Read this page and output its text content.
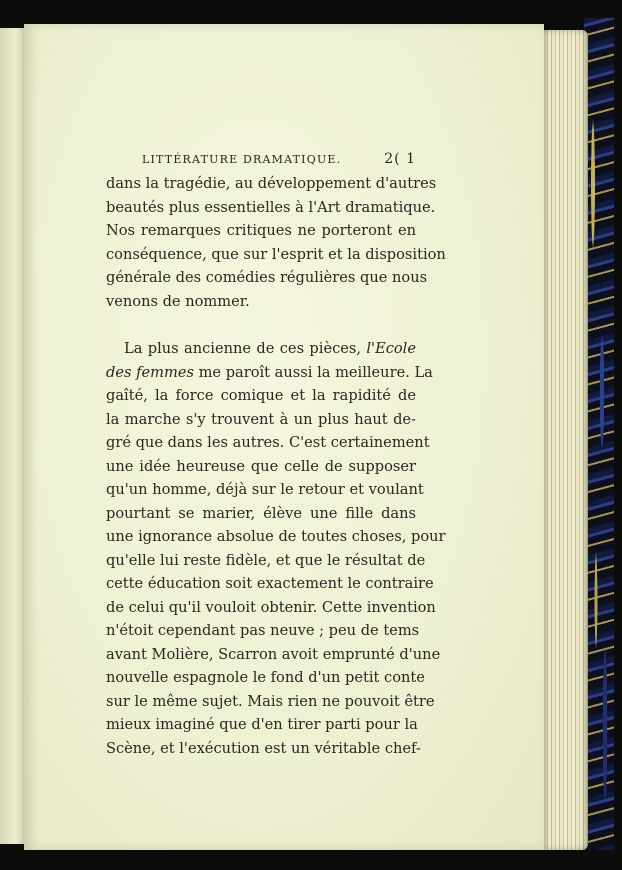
LITTÉRATURE DRAMATIQUE.	2( 1
dans la tragédie, au développement d'autres
beautés plus essentielles à l'Art dramatique.
Nos remarques critiques ne porteront en
conséquence, que sur l'esprit et la disposition
générale des comédies régulières que nous
venons de nommer.
La plus ancienne de ces pièces, l'Ecole
des femmes me paroît aussi la meilleure. La
gaîté, la force comique et la rapidité de
la marche s'y trouvent à un plus haut de-
gré que dans les autres. C'est certainement
une idée heureuse que celle de supposer
qu'un homme, déjà sur le retour et voulant
pourtant se marier, élève une fille dans
une ignorance absolue de toutes choses, pour
qu'elle lui reste fidèle, et que le résultat de
cette éducation soit exactement le contraire
de celui qu'il vouloit obtenir. Cette invention
n'étoit cependant pas neuve ; peu de tems
avant Molière, Scarron avoit emprunté d'une
nouvelle espagnole le fond d'un petit conte
sur le même sujet. Mais rien ne pouvoit être
mieux imaginé que d'en tirer parti pour la
Scène, et l'exécution est un véritable chef-
